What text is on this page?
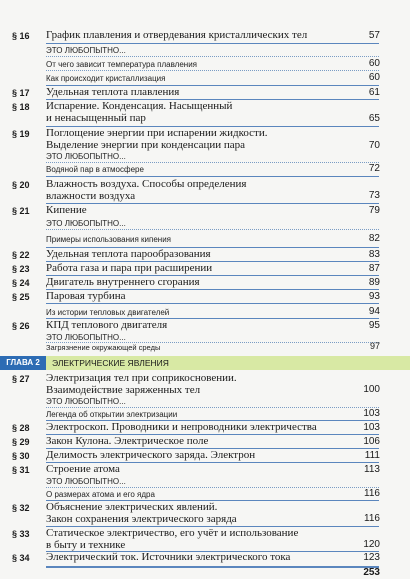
§ 16	График плавления и отвердевания кристаллических тел	57
ЭТО ЛЮБОПЫТНО...
От чего зависит температура плавления	60
Как происходит кристаллизация	60
§ 17	Удельная теплота плавления	61
§ 18	Испарение. Конденсация. Насыщенный
и ненасыщенный пар	65
§ 19	Поглощение энергии при испарении жидкости.
Выделение энергии при конденсации пара	70
ЭТО ЛЮБОПЫТНО...
Водяной пар в атмосфере	72
§ 20	Влажность воздуха. Способы определения
влажности воздуха	73
§ 21	Кипение	79
ЭТО ЛЮБОПЫТНО...
Примеры использования кипения	82
§ 22	Удельная теплота парообразования	83
§ 23	Работа газа и пара при расширении	87
§ 24	Двигатель внутреннего сгорания	89
§ 25	Паровая турбина	93
Из истории тепловых двигателей	94
§ 26	КПД теплового двигателя	95
ЭТО ЛЮБОПЫТНО...
Загрязнение окружающей среды	97
ГЛАВА 2	ЭЛЕКТРИЧЕСКИЕ ЯВЛЕНИЯ
§ 27	Электризация тел при соприкосновении.
Взаимодействие заряженных тел	100
ЭТО ЛЮБОПЫТНО...
Легенда об открытии электризации	103
§ 28	Электроскоп. Проводники и непроводники электричества	103
§ 29	Закон Кулона. Электрическое поле	106
§ 30	Делимость электрического заряда. Электрон	111
§ 31	Строение атома	113
ЭТО ЛЮБОПЫТНО...
О размерах атома и его ядра	116
§ 32	Объяснение электрических явлений.
Закон сохранения электрического заряда	116
§ 33	Статическое электричество, его учёт и использование
в быту и технике	120
§ 34	Электрический ток. Источники электрического тока	123
253
